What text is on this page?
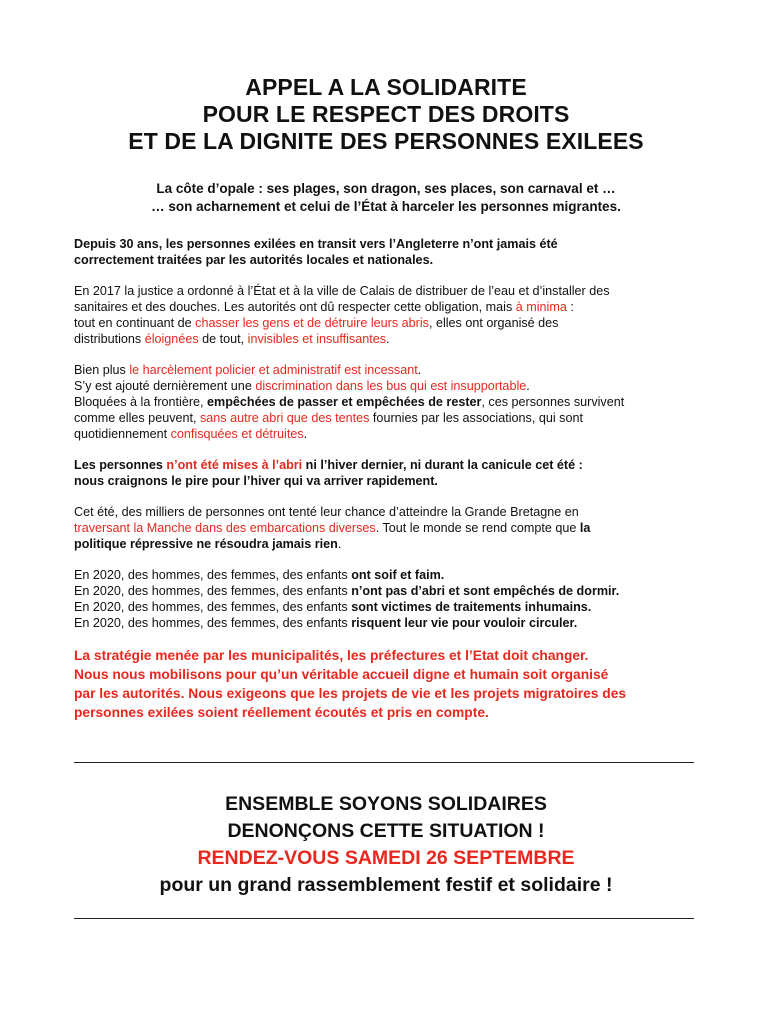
APPEL A LA SOLIDARITE
POUR LE RESPECT DES DROITS
ET DE LA DIGNITE DES PERSONNES EXILEES
La côte d’opale : ses plages, son dragon, ses places, son carnaval et …
… son acharnement et celui de l’État à harceler les personnes migrantes.
Depuis 30 ans, les personnes exilées en transit vers l’Angleterre n’ont jamais été
correctement traitées par les autorités locales et nationales.
En 2017 la justice a ordonné à l’État et à la ville de Calais de distribuer de l’eau et d’installer des
sanitaires et des douches. Les autorités ont dû respecter cette obligation, mais à minima :
tout en continuant de chasser les gens et de détruire leurs abris, elles ont organisé des
distributions éloignées de tout, invisibles et insuffisantes.
Bien plus le harcèlement policier et administratif est incessant.
S’y est ajouté dernièrement une discrimination dans les bus qui est insupportable.
Bloquées à la frontière, empêchées de passer et empêchées de rester, ces personnes survivent
comme elles peuvent, sans autre abri que des tentes fournies par les associations, qui sont
quotidiennement confisquées et détruites.
Les personnes n’ont été mises à l’abri ni l’hiver dernier, ni durant la canicule cet été :
nous craignons le pire pour l’hiver qui va arriver rapidement.
Cet été, des milliers de personnes ont tenté leur chance d’atteindre la Grande Bretagne en
traversant la Manche dans des embarcations diverses. Tout le monde se rend compte que la
politique répressive ne résoudra jamais rien.
En 2020, des hommes, des femmes, des enfants ont soif et faim.
En 2020, des hommes, des femmes, des enfants n’ont pas d’abri et sont empêchés de dormir.
En 2020, des hommes, des femmes, des enfants sont victimes de traitements inhumains.
En 2020, des hommes, des femmes, des enfants risquent leur vie pour vouloir circuler.
La stratégie menée par les municipalités, les préfectures et l’Etat doit changer.
Nous nous mobilisons pour qu’un véritable accueil digne et humain soit organisé
par les autorités. Nous exigeons que les projets de vie et les projets migratoires des
personnes exilées soient réellement écoutés et pris en compte.
ENSEMBLE SOYONS SOLIDAIRES
DENONÇONS CETTE SITUATION !
RENDEZ-VOUS SAMEDI 26 SEPTEMBRE
pour un grand rassemblement festif et solidaire !
